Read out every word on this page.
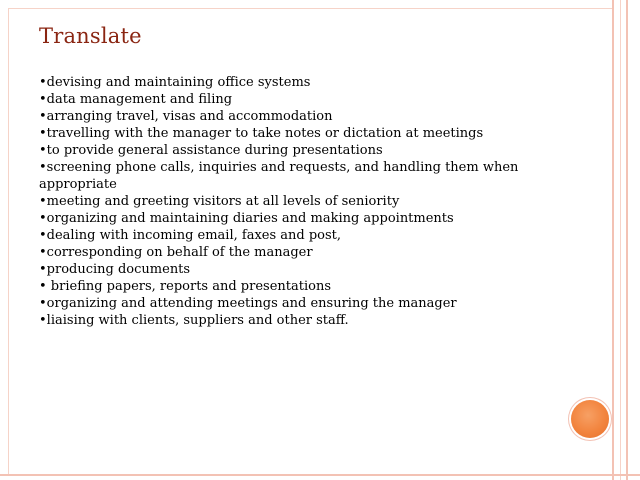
Translate
•devising and maintaining office systems
•data management and filing
•arranging travel, visas and accommodation
•travelling with the manager to take notes or dictation at meetings
•to provide general assistance during presentations
•screening phone calls, inquiries and requests, and handling them when appropriate
•meeting and greeting visitors at all levels of seniority
•organizing and maintaining diaries and making appointments
•dealing with incoming email, faxes and post,
•corresponding on behalf of the manager
•producing documents
• briefing papers, reports and presentations
•organizing and attending meetings and ensuring the manager
•liaising with clients, suppliers and other staff.
